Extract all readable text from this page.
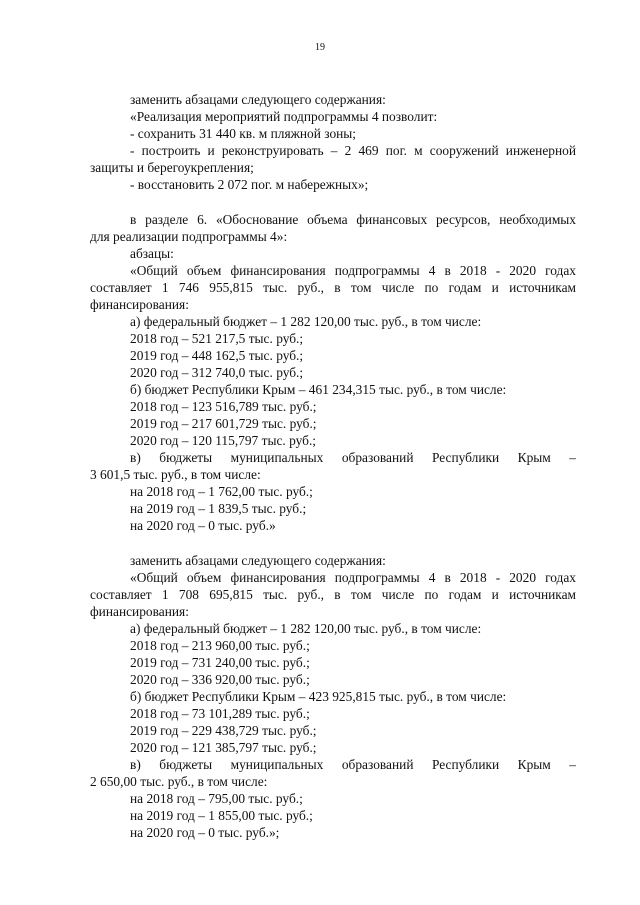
19
заменить абзацами следующего содержания:
«Реализация мероприятий подпрограммы 4 позволит:
- сохранить 31 440 кв. м пляжной зоны;
- построить и реконструировать – 2 469 пог. м сооружений инженерной
защиты и берегоукрепления;
- восстановить 2 072 пог. м набережных»;
в разделе 6. «Обоснование объема финансовых ресурсов, необходимых
для реализации подпрограммы 4»:
абзацы:
«Общий объем финансирования подпрограммы 4 в 2018 - 2020 годах
составляет 1 746 955,815 тыс. руб., в том числе по годам и источникам
финансирования:
а) федеральный бюджет – 1 282 120,00 тыс. руб., в том числе:
2018 год – 521 217,5 тыс. руб.;
2019 год – 448 162,5 тыс. руб.;
2020 год – 312 740,0 тыс. руб.;
б) бюджет Республики Крым – 461 234,315 тыс. руб., в том числе:
2018 год – 123 516,789 тыс. руб.;
2019 год – 217 601,729 тыс. руб.;
2020 год – 120 115,797 тыс. руб.;
в) бюджеты муниципальных образований Республики Крым –
3 601,5 тыс. руб., в том числе:
на 2018 год – 1 762,00 тыс. руб.;
на 2019 год – 1 839,5 тыс. руб.;
на 2020 год – 0 тыс. руб.»
заменить абзацами следующего содержания:
«Общий объем финансирования подпрограммы 4 в 2018 - 2020 годах
составляет 1 708 695,815 тыс. руб., в том числе по годам и источникам
финансирования:
а) федеральный бюджет – 1 282 120,00 тыс. руб., в том числе:
2018 год – 213 960,00 тыс. руб.;
2019 год – 731 240,00 тыс. руб.;
2020 год – 336 920,00 тыс. руб.;
б) бюджет Республики Крым – 423 925,815 тыс. руб., в том числе:
2018 год – 73 101,289 тыс. руб.;
2019 год – 229 438,729 тыс. руб.;
2020 год – 121 385,797 тыс. руб.;
в) бюджеты муниципальных образований Республики Крым –
2 650,00 тыс. руб., в том числе:
на 2018 год – 795,00 тыс. руб.;
на 2019 год – 1 855,00 тыс. руб.;
на 2020 год – 0 тыс. руб.»;
